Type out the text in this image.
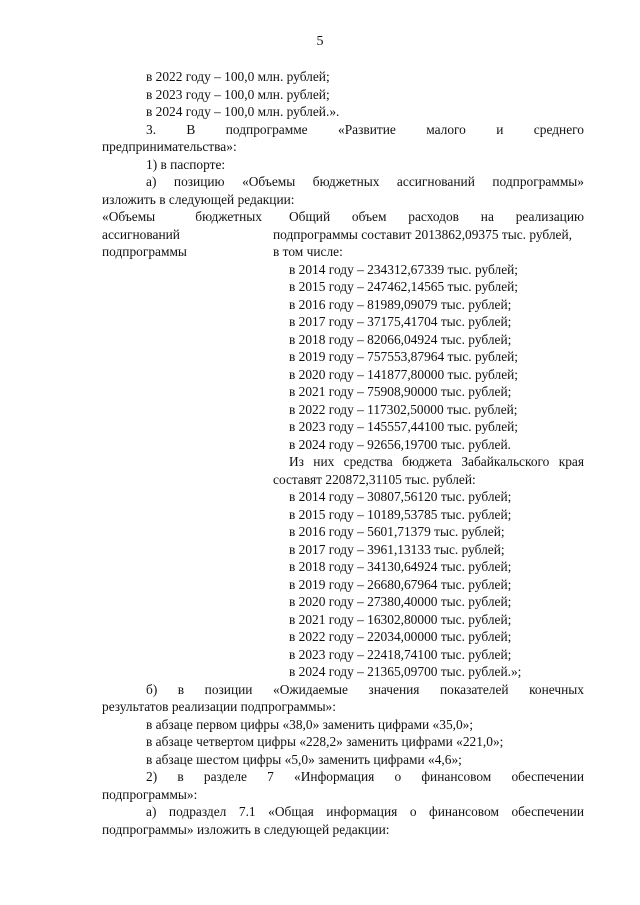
5
в 2022 году – 100,0 млн. рублей;
в 2023 году – 100,0 млн. рублей;
в 2024 году – 100,0 млн. рублей.».
3. В подпрограмме «Развитие малого и среднего
предпринимательства»:
1) в паспорте:
а) позицию «Объемы бюджетных ассигнований подпрограммы»
изложить в следующей редакции:
«Объемы бюджетных
ассигнований
подпрограммы
Общий объем расходов на реализацию
подпрограммы составит 2013862,09375 тыс. рублей,
в том числе:
в 2014 году – 234312,67339 тыс. рублей;
в 2015 году – 247462,14565 тыс. рублей;
в 2016 году – 81989,09079 тыс. рублей;
в 2017 году – 37175,41704 тыс. рублей;
в 2018 году – 82066,04924 тыс. рублей;
в 2019 году – 757553,87964 тыс. рублей;
в 2020 году – 141877,80000 тыс. рублей;
в 2021 году – 75908,90000 тыс. рублей;
в 2022 году – 117302,50000 тыс. рублей;
в 2023 году – 145557,44100 тыс. рублей;
в 2024 году – 92656,19700 тыс. рублей.
Из них средства бюджета Забайкальского края
составят 220872,31105 тыс. рублей:
в 2014 году – 30807,56120 тыс. рублей;
в 2015 году – 10189,53785 тыс. рублей;
в 2016 году – 5601,71379 тыс. рублей;
в 2017 году – 3961,13133 тыс. рублей;
в 2018 году – 34130,64924 тыс. рублей;
в 2019 году – 26680,67964 тыс. рублей;
в 2020 году – 27380,40000 тыс. рублей;
в 2021 году – 16302,80000 тыс. рублей;
в 2022 году – 22034,00000 тыс. рублей;
в 2023 году – 22418,74100 тыс. рублей;
в 2024 году – 21365,09700 тыс. рублей.»;
б) в позиции «Ожидаемые значения показателей конечных
результатов реализации подпрограммы»:
в абзаце первом цифры «38,0» заменить цифрами «35,0»;
в абзаце четвертом цифры «228,2» заменить цифрами «221,0»;
в абзаце шестом цифры «5,0» заменить цифрами «4,6»;
2) в разделе 7 «Информация о финансовом обеспечении
подпрограммы»:
а) подраздел 7.1 «Общая информация о финансовом обеспечении
подпрограммы» изложить в следующей редакции:
